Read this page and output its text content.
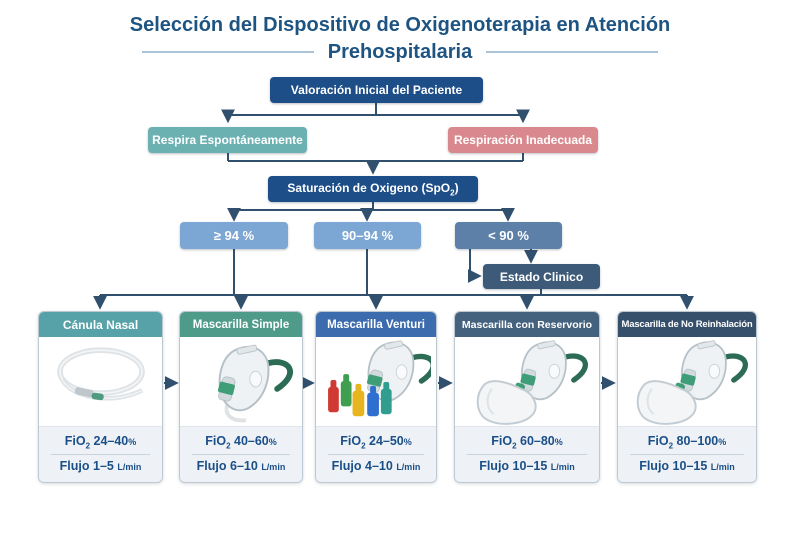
Selección del Dispositivo de Oxigenoterapia en Atención
Prehospitalaria
Valoración Inicial del Paciente
Respira Espontáneamente	Respiración Inadecuada
Saturación de Oxigeno (SpO$_2$)
≥ 94 %	90–94 %	< 90 %
Estado Clinico
Cánula Nasal
FiO$_2$ 24–40%
Flujo 1–5 L/min
Mascarilla Simple
FiO$_2$ 40–60%
Flujo 6–10 L/min
Mascarilla Venturi
FiO$_2$ 24–50%
Flujo 4–10 L/min
Mascarilla con Reservorio
FiO$_2$ 60–80%
Flujo 10–15 L/min
Mascarilla de No Reinhalación
FiO$_2$ 80–100%
Flujo 10–15 L/min
